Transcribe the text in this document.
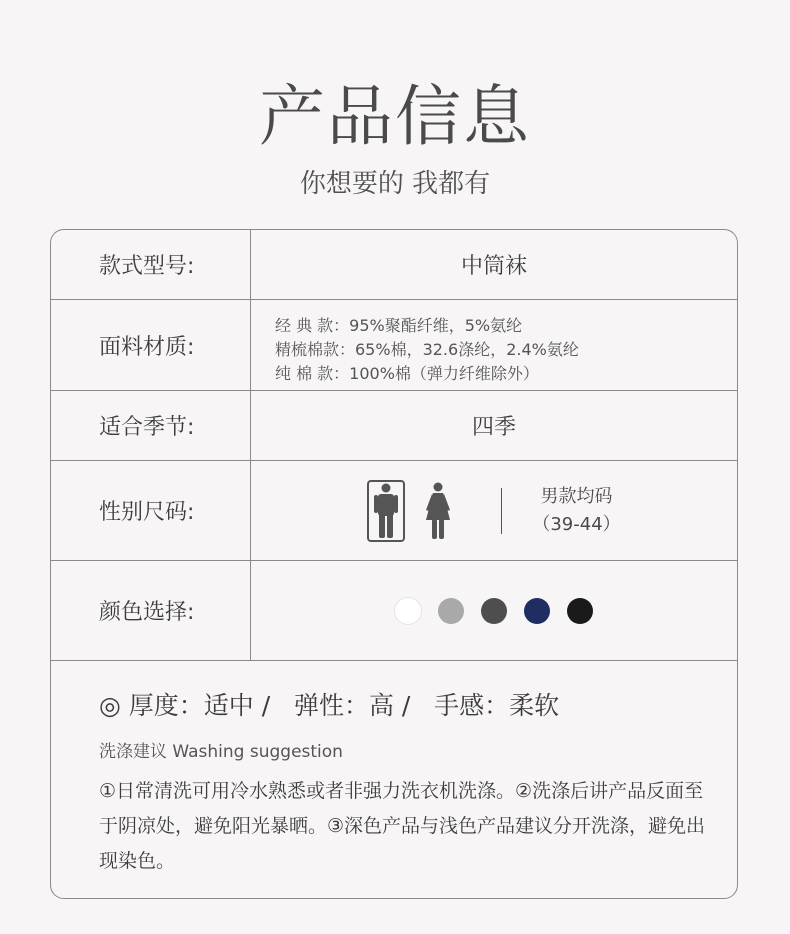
产品信息
你想要的 我都有
款式型号:	中筒袜
面料材质:
经 典 款：95%聚酯纤维，5%氨纶
精梳棉款：65%棉，32.6涤纶，2.4%氨纶
纯 棉 款：100%棉（弹力纤维除外）
适合季节:	四季
性别尺码:
男款均码
（39-44）
颜色选择:
◎ 厚度：适中 /   弹性：高 /   手感：柔软
洗涤建议 Washing suggestion
①日常清洗可用冷水熟悉或者非强力洗衣机洗涤。②洗涤后讲产品反面至于阴凉处，避免阳光暴晒。③深色产品与浅色产品建议分开洗涤，避免出现染色。
